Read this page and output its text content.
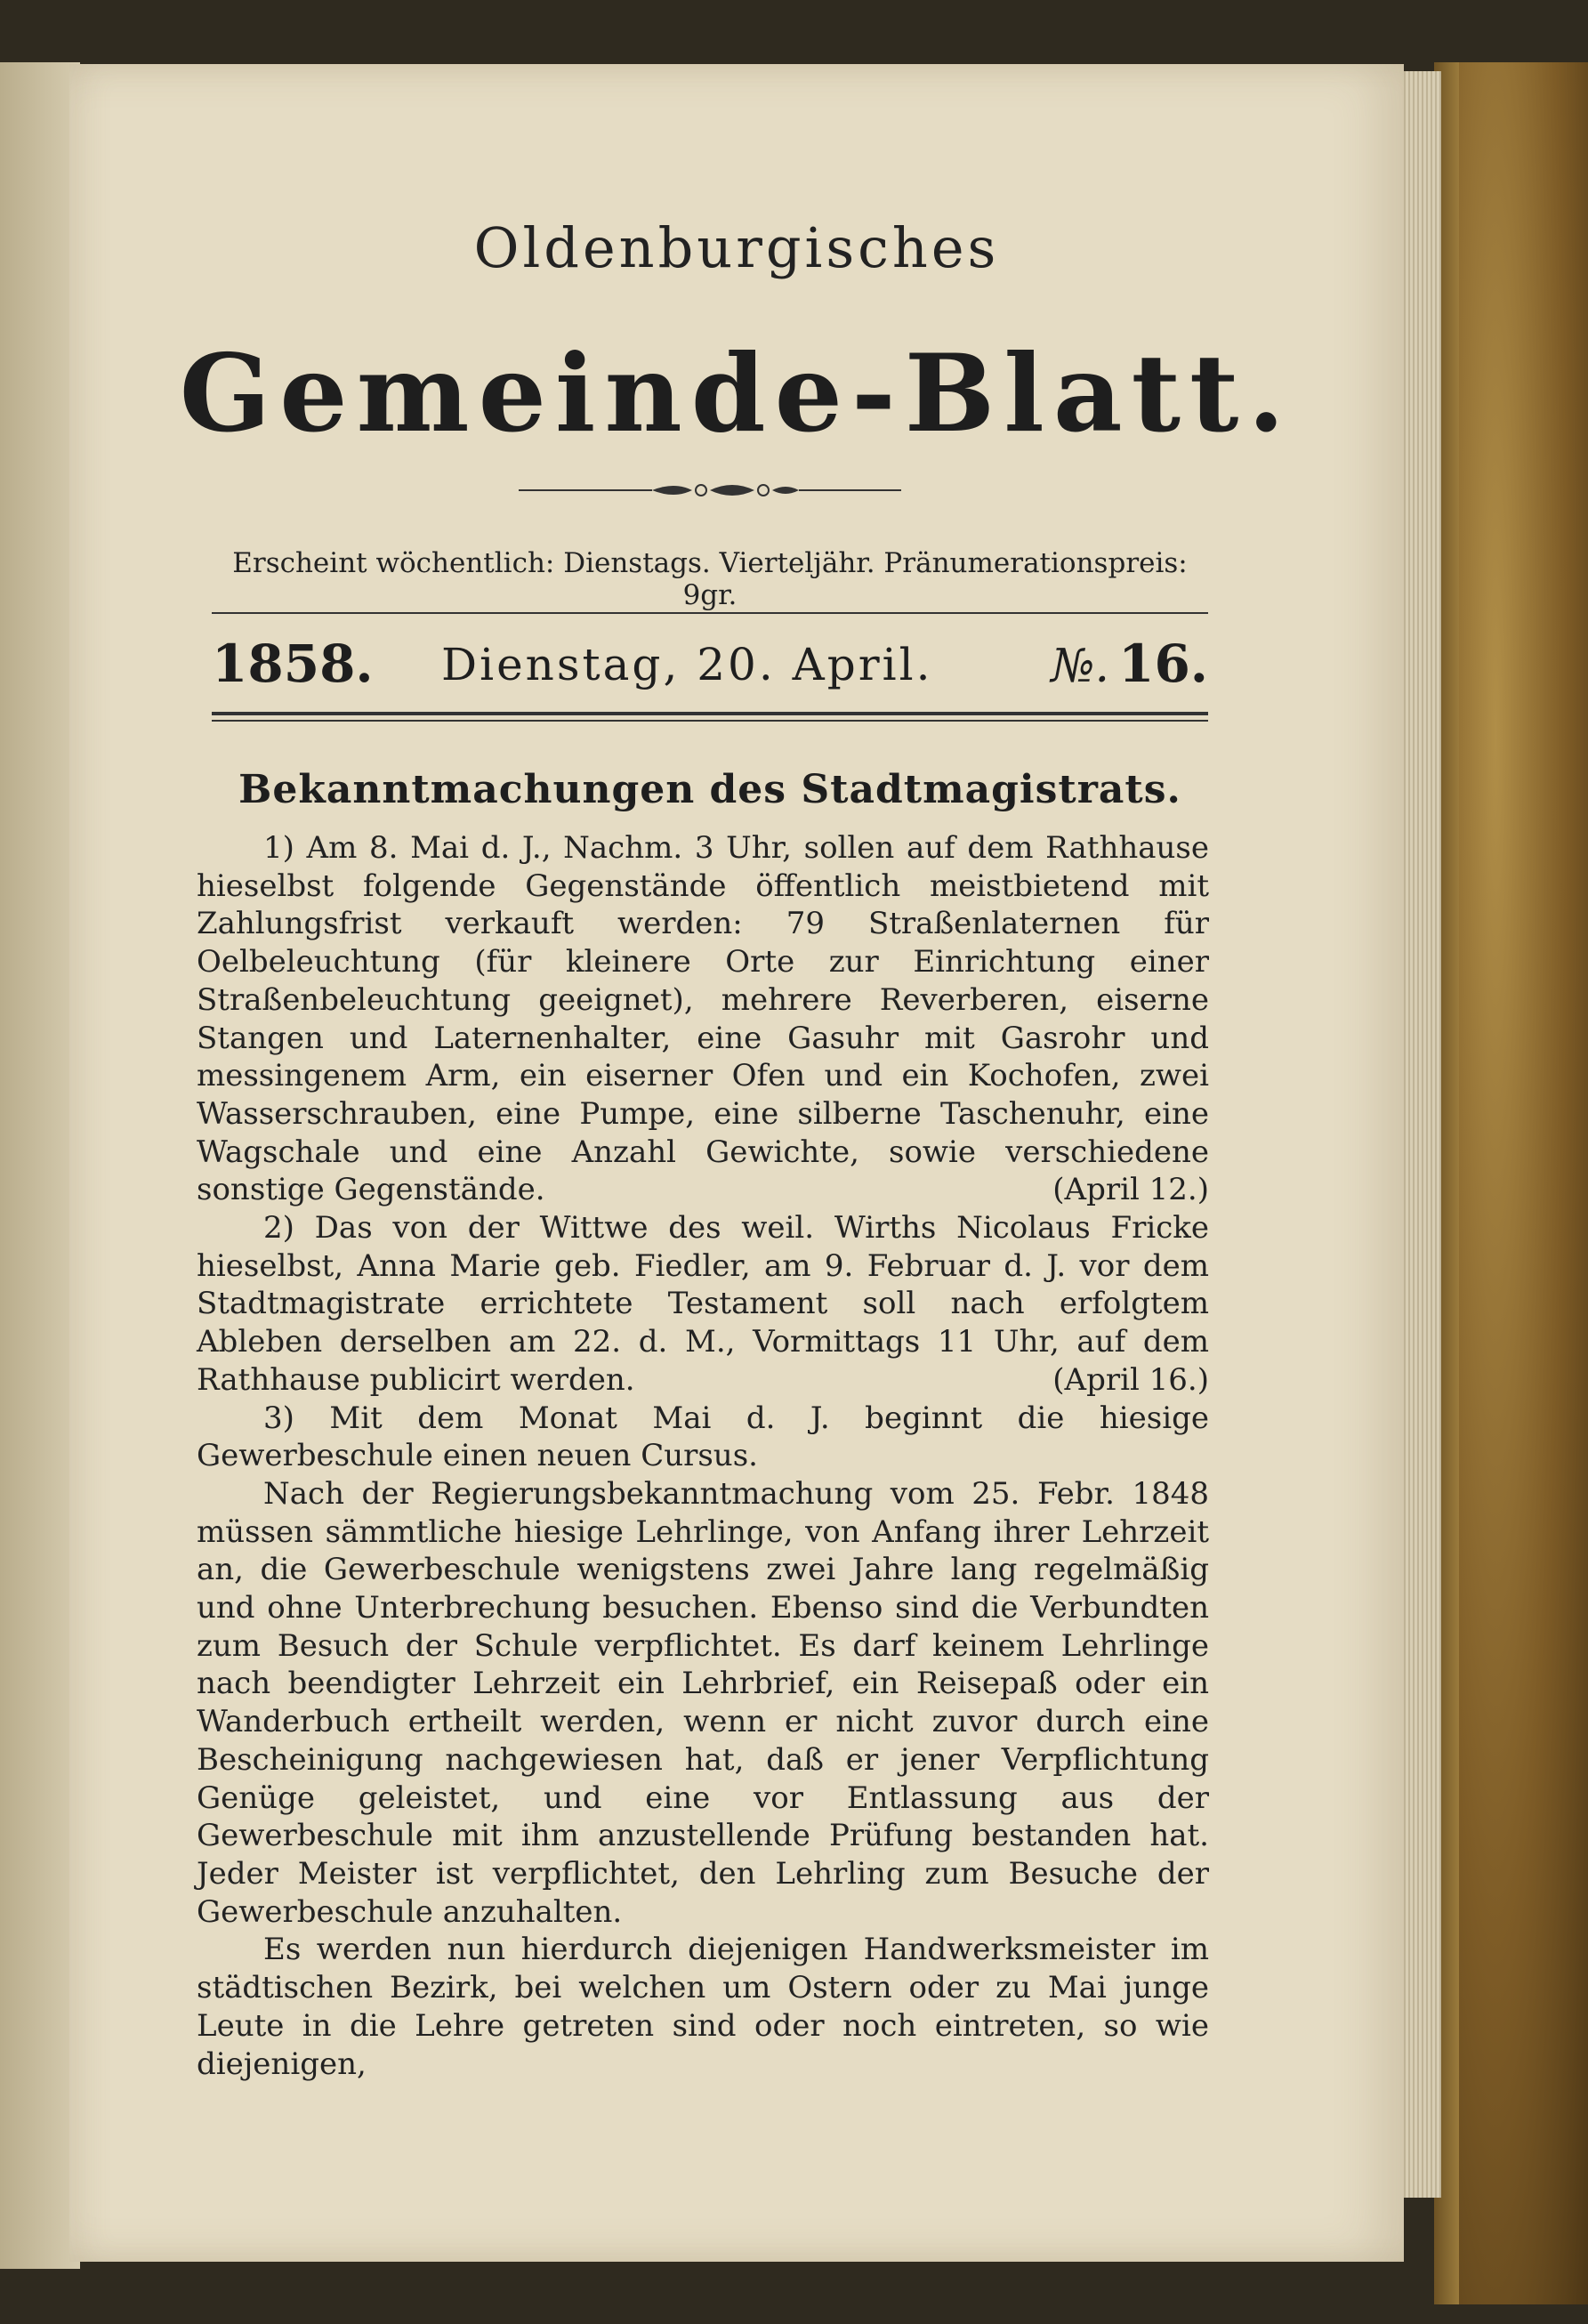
Oldenburgisches
Gemeinde-Blatt.
Erscheint wöchentlich: Dienstags. Vierteljähr. Pränumerationspreis: 9gr.
1858. Dienstag, 20. April.	№. 16.
Bekanntmachungen des Stadtmagistrats.

1) Am 8. Mai d. J., Nachm. 3 Uhr, sollen auf dem Rathhause hieselbst folgende Gegenstände öffentlich meistbietend mit Zahlungsfrist verkauft werden: 79 Straßenlaternen für Oelbeleuchtung (für kleinere Orte zur Einrichtung einer Straßenbeleuchtung geeignet), mehrere Reverberen, eiserne Stangen und Laternenhalter, eine Gasuhr mit Gasrohr und messingenem Arm, ein eiserner Ofen und ein Kochofen, zwei Wasserschrauben, eine Pumpe, eine silberne Taschenuhr, eine Wagschale und eine Anzahl Gewichte, sowie verschiedene sonstige Gegenstände.	(April 12.)

2) Das von der Wittwe des weil. Wirths Nicolaus Fricke hieselbst, Anna Marie geb. Fiedler, am 9. Februar d. J. vor dem Stadtmagistrate errichtete Testament soll nach erfolgtem Ableben derselben am 22. d. M., Vormittags 11 Uhr, auf dem Rathhause publicirt werden.	(April 16.)

3) Mit dem Monat Mai d. J. beginnt die hiesige Gewerbeschule einen neuen Cursus.

Nach der Regierungsbekanntmachung vom 25. Febr. 1848 müssen sämmtliche hiesige Lehrlinge, von Anfang ihrer Lehrzeit an, die Gewerbeschule wenigstens zwei Jahre lang regelmäßig und ohne Unterbrechung besuchen. Ebenso sind die Verbundten zum Besuch der Schule verpflichtet. Es darf keinem Lehrlinge nach beendigter Lehrzeit ein Lehrbrief, ein Reisepaß oder ein Wanderbuch ertheilt werden, wenn er nicht zuvor durch eine Bescheinigung nachgewiesen hat, daß er jener Verpflichtung Genüge geleistet, und eine vor Entlassung aus der Gewerbeschule mit ihm anzustellende Prüfung bestanden hat. Jeder Meister ist verpflichtet, den Lehrling zum Besuche der Gewerbeschule anzuhalten.

Es werden nun hierdurch diejenigen Handwerksmeister im städtischen Bezirk, bei welchen um Ostern oder zu Mai junge Leute in die Lehre getreten sind oder noch eintreten, so wie diejenigen,
